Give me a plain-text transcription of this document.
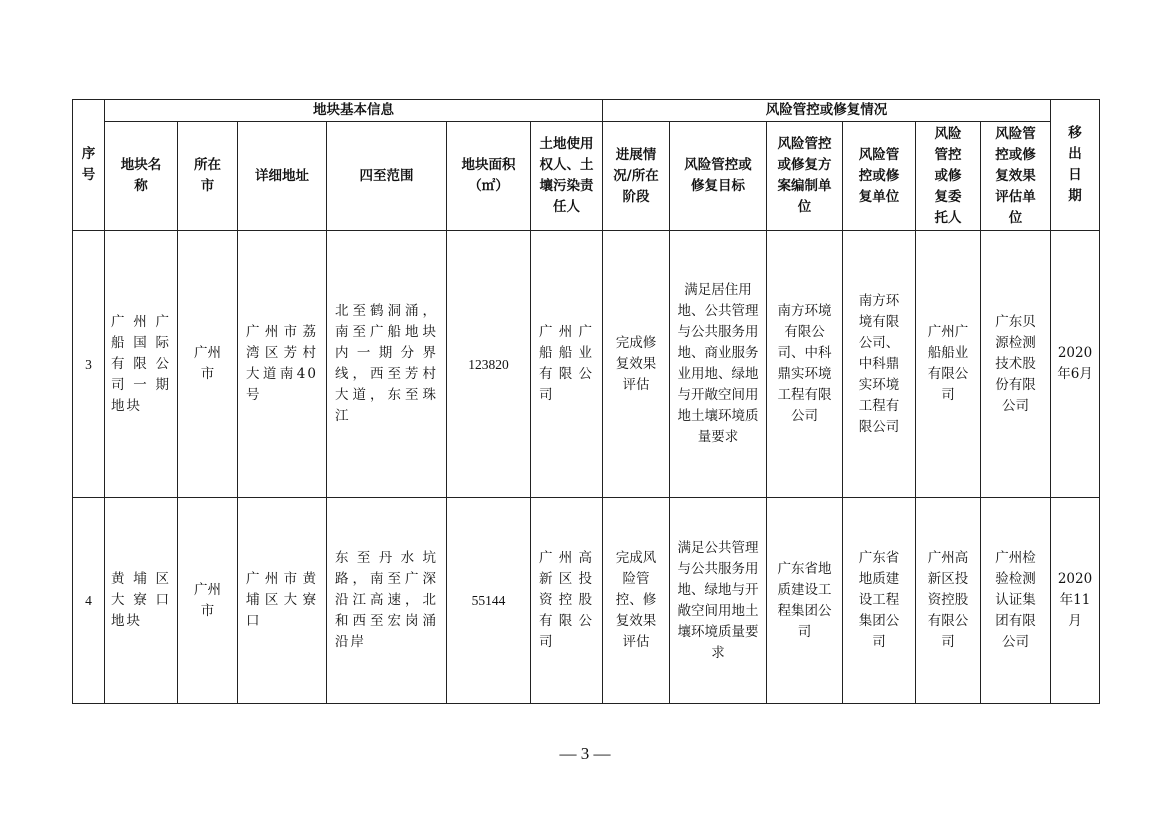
序号	地块基本信息						风险管控或修复情况						移出日期
	地块名称	所在市	详细地址	四至范围	地块面积（㎡）	土地使用权人、土壤污染责任人	进展情况/所在阶段	风险管控或修复目标	风险管控或修复方案编制单位	风险管控或修复单位	风险管控或修复委托人	风险管控或修复效果评估单位	
3	广州广船国际有限公司一期地块	广州市	广州市荔湾区芳村大道南40号	北至鹤洞涌，南至广船地块内一期分界线，西至芳村大道，东至珠江	123820	广州广船船业有限公司	完成修复效果评估	满足居住用地、公共管理与公共服务用地、商业服务业用地、绿地与开敞空间用地土壤环境质量要求	南方环境有限公司、中科鼎实环境工程有限公司	南方环境有限公司、中科鼎实环境工程有限公司	广州广船船业有限公司	广东贝源检测技术股份有限公司	2020年6月
4	黄埔区大寮口地块	广州市	广州市黄埔区大寮口	东至丹水坑路，南至广深沿江高速，北和西至宏岗涌沿岸	55144	广州高新区投资控股有限公司	完成风险管控、修复效果评估	满足公共管理与公共服务用地、绿地与开敞空间用地土壤环境质量要求	广东省地质建设工程集团公司	广东省地质建设工程集团公司	广州高新区投资控股有限公司	广州检验检测认证集团有限公司	2020年11月
— 3 —
